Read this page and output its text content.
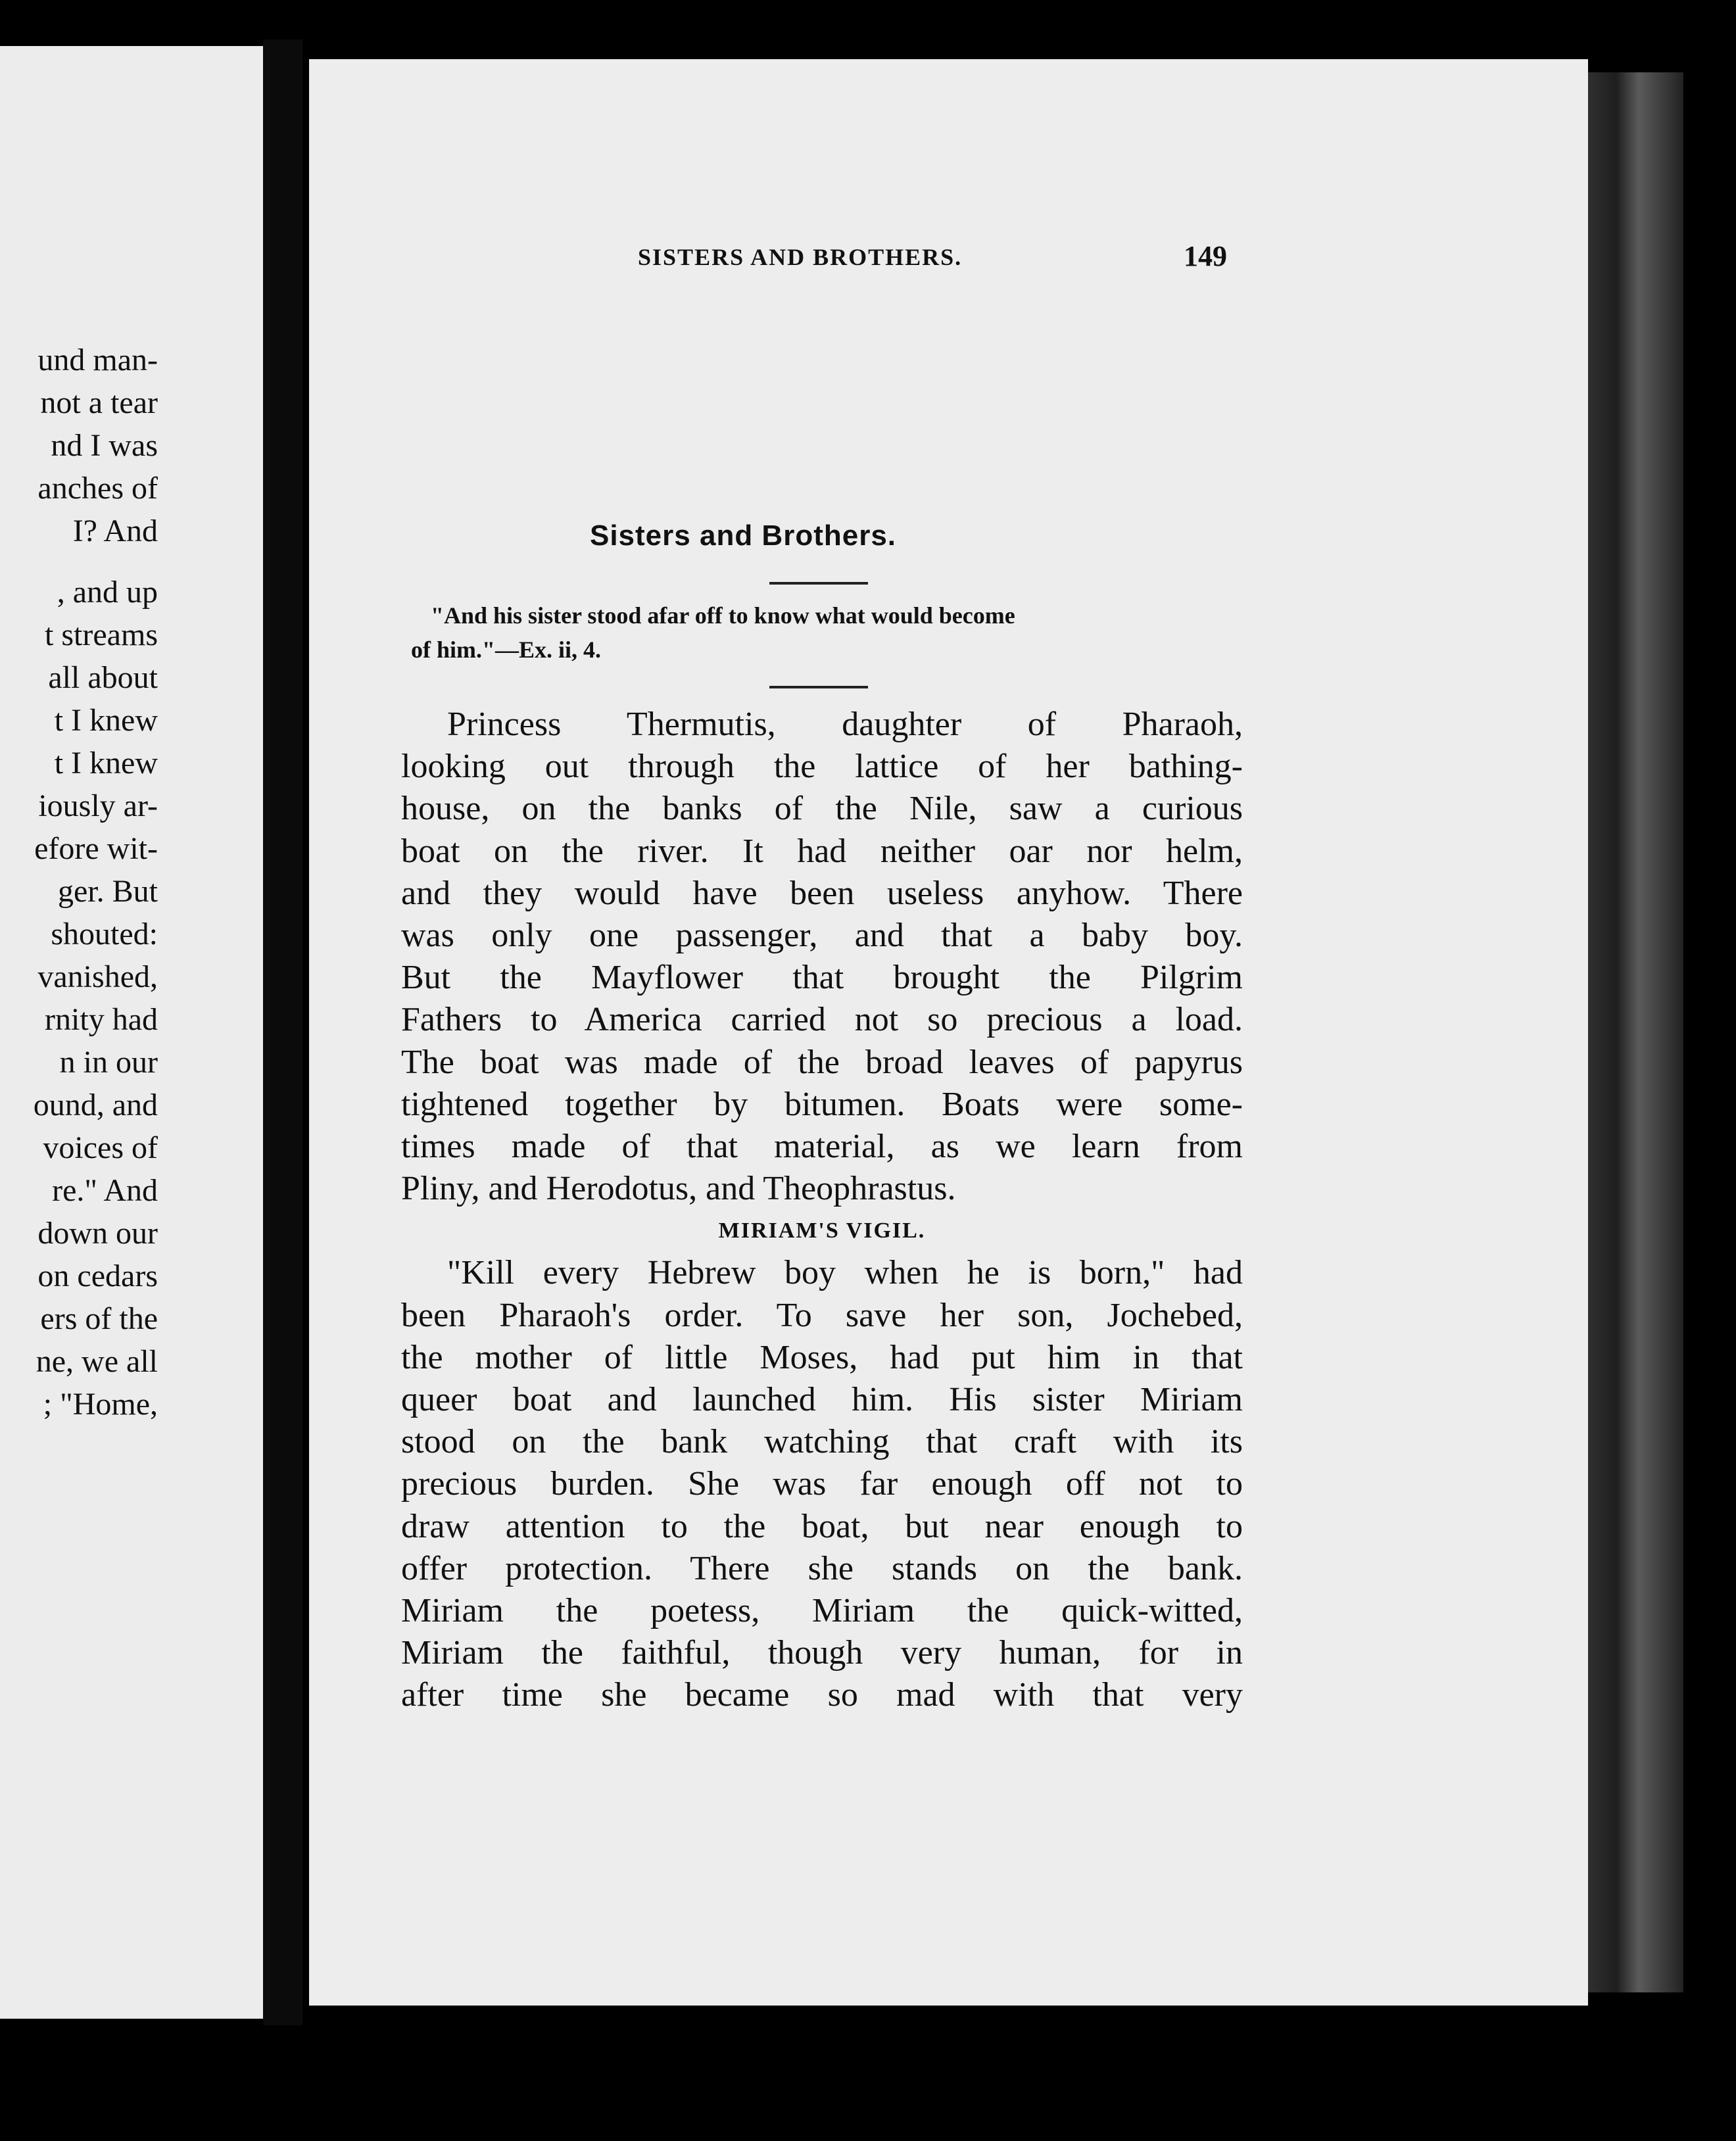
und man-
not a tear
nd I was
anches of
I? And
, and up
t streams
all about
t I knew
t I knew
iously ar-
efore wit-
ger. But
shouted:
vanished,
rnity had
n in our
ound, and
voices of
re." And
down our
on cedars
ers of the
ne, we all
; "Home,
SISTERS AND BROTHERS.	149
Sisters and Brothers.
"And his sister stood afar off to know what would become
of him."—Ex. ii, 4.
Princess Thermutis, daughter of Pharaoh,
looking out through the lattice of her bathing-
house, on the banks of the Nile, saw a curious
boat on the river. It had neither oar nor helm,
and they would have been useless anyhow. There
was only one passenger, and that a baby boy.
But the Mayflower that brought the Pilgrim
Fathers to America carried not so precious a load.
The boat was made of the broad leaves of papyrus
tightened together by bitumen. Boats were some-
times made of that material, as we learn from
Pliny, and Herodotus, and Theophrastus.
MIRIAM'S VIGIL.
"Kill every Hebrew boy when he is born," had
been Pharaoh's order. To save her son, Jochebed,
the mother of little Moses, had put him in that
queer boat and launched him. His sister Miriam
stood on the bank watching that craft with its
precious burden. She was far enough off not to
draw attention to the boat, but near enough to
offer protection. There she stands on the bank.
Miriam the poetess, Miriam the quick-witted,
Miriam the faithful, though very human, for in
after time she became so mad with that very
